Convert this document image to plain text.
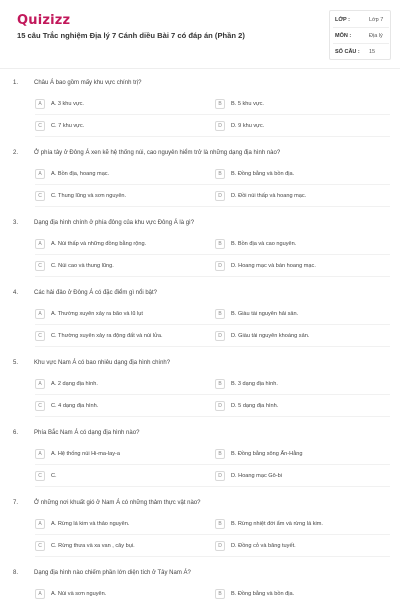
Quizizz
15 câu Trắc nghiệm Địa lý 7 Cánh diều Bài 7 có đáp án (Phần 2)
LỚP :	Lớp 7
MÔN :	Địa lý
SỐ CÂU : 15
1.	Châu Á bao gồm mấy khu vực chính trị?
A	A. 3 khu vực.	B	B. 5 khu vực.
C	C. 7 khu vực.	D	D. 9 khu vực.
2.	Ở phía tây ở Đông Á xen kẽ hệ thống núi, cao nguyên hiểm trở là những dạng địa hình nào?
A	A. Bồn địa, hoang mạc.	B	B. Đồng bằng và bồn địa.
C	C. Thung lũng và sơn nguyên.	D	D. Đồi núi thấp và hoang mạc.
3.	Dạng địa hình chính ở phía đông của khu vực Đông Á là gì?
A	A. Núi thấp và những đồng bằng rộng.	B	B. Bồn địa và cao nguyên.
C	C. Núi cao và thung lũng.	D	D. Hoang mạc và bán hoang mạc.
4.	Các hải đảo ở Đông Á có đặc điểm gì nổi bật?
A	A. Thường xuyên xảy ra bão và lũ lụt	B	B. Giàu tài nguyên hải sản.
C	C. Thường xuyên xảy ra động đất và núi lửa.	D	D. Giàu tài nguyên khoáng sản.
5.	Khu vực Nam Á có bao nhiêu dạng địa hình chính?
A	A. 2 dạng địa hình.	B	B. 3 dạng địa hình.
C	C. 4 dạng địa hình.	D	D. 5 dạng địa hình.
6.	Phía Bắc Nam Á có dạng địa hình nào?
A	A. Hệ thống núi Hi-ma-lay-a	B	B. Đồng bằng sông Ấn-Hằng
C	C.	D	D. Hoang mạc Gô-bi
7.	Ở những nơi khuất gió ở Nam Á có những thảm thực vật nào?
A	A. Rừng lá kim và thảo nguyên.	B	B. Rừng nhiệt đới ẩm và rừng lá kim.
C	C. Rừng thưa và xa van , cây bụi.	D	D. Đồng cỏ và băng tuyết.
8.	Dạng địa hình nào chiếm phần lớn diện tích ở Tây Nam Á?
A	A. Núi và sơn nguyên.	B	B. Đồng bằng và bồn địa.
